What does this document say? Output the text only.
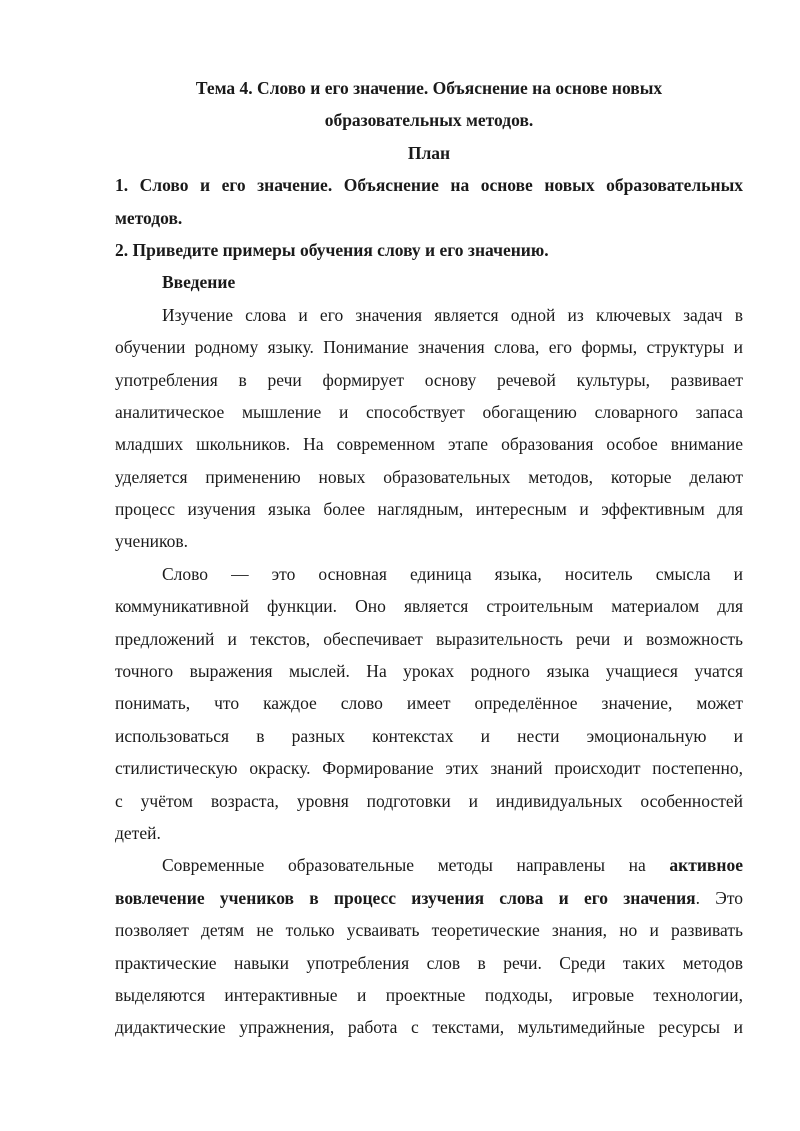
Тема 4. Слово и его значение. Объяснение на основе новых
образовательных методов.
План
1. Слово и его значение. Объяснение на основе новых образовательных
методов.
2. Приведите примеры обучения слову и его значению.
Введение
Изучение слова и его значения является одной из ключевых задач в
обучении родному языку. Понимание значения слова, его формы, структуры и
употребления в речи формирует основу речевой культуры, развивает
аналитическое мышление и способствует обогащению словарного запаса
младших школьников. На современном этапе образования особое внимание
уделяется применению новых образовательных методов, которые делают
процесс изучения языка более наглядным, интересным и эффективным для
учеников.
Слово — это основная единица языка, носитель смысла и
коммуникативной функции. Оно является строительным материалом для
предложений и текстов, обеспечивает выразительность речи и возможность
точного выражения мыслей. На уроках родного языка учащиеся учатся
понимать, что каждое слово имеет определённое значение, может
использоваться в разных контекстах и нести эмоциональную и
стилистическую окраску. Формирование этих знаний происходит постепенно,
с учётом возраста, уровня подготовки и индивидуальных особенностей
детей.
Современные образовательные методы направлены на активное
вовлечение учеников в процесс изучения слова и его значения. Это
позволяет детям не только усваивать теоретические знания, но и развивать
практические навыки употребления слов в речи. Среди таких методов
выделяются интерактивные и проектные подходы, игровые технологии,
дидактические упражнения, работа с текстами, мультимедийные ресурсы и
